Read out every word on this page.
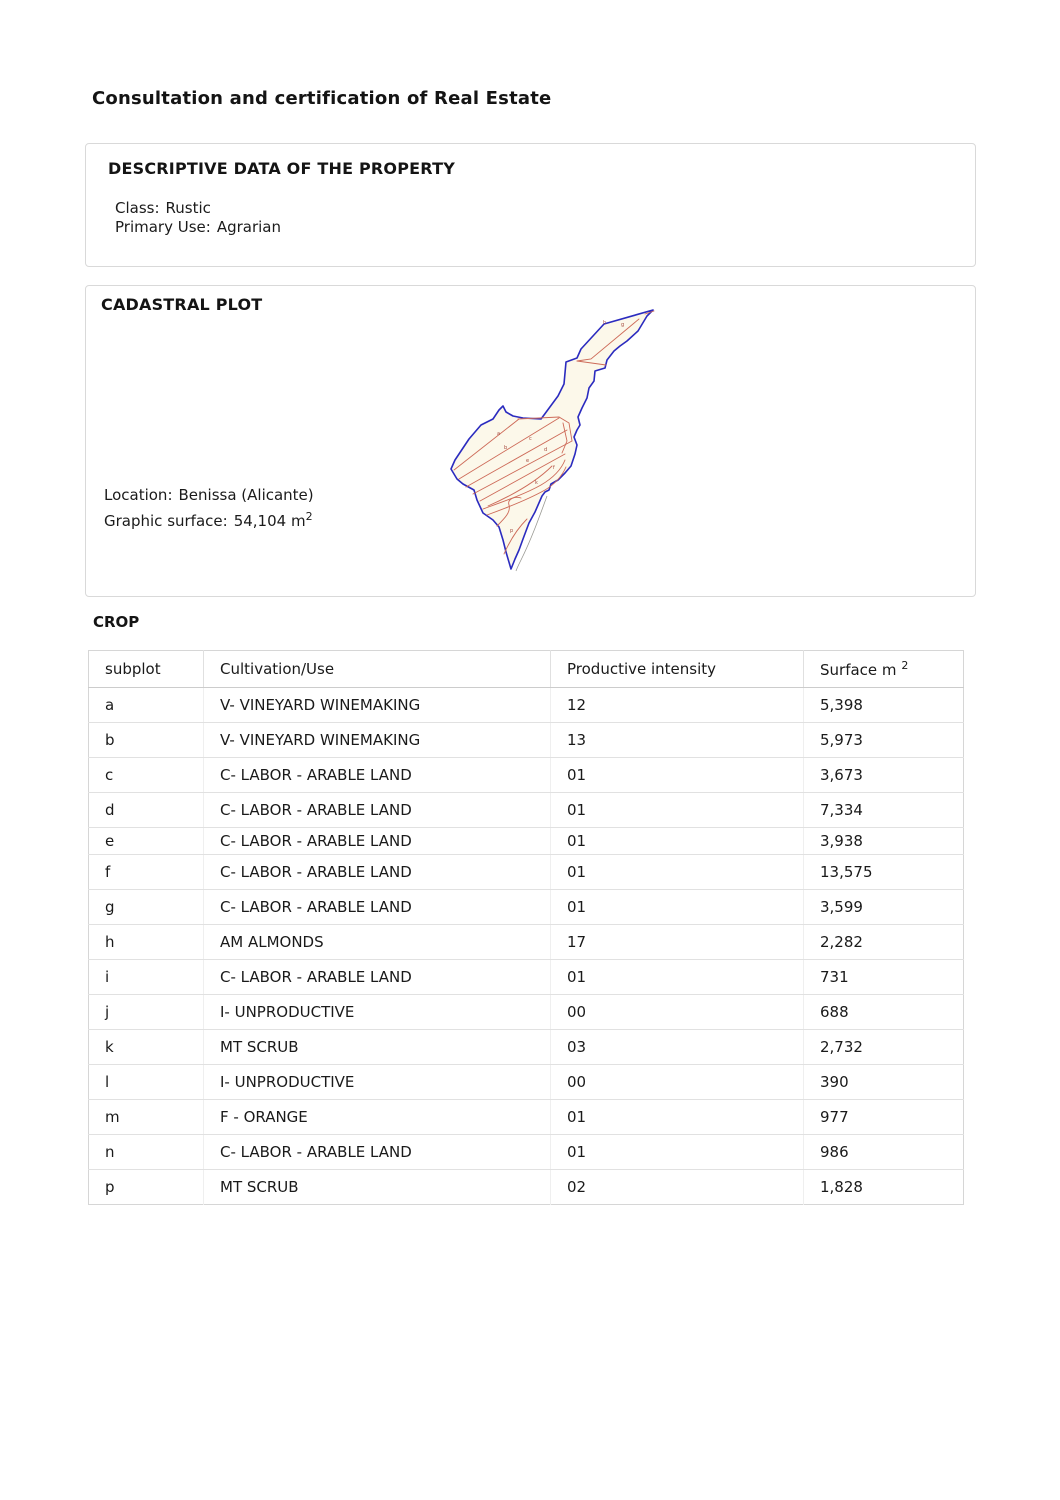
Consultation and certification of Real Estate
DESCRIPTIVE DATA OF THE PROPERTY
Class: Rustic
Primary Use: Agrarian
CADASTRAL PLOT
Location: Benissa (Alicante)
Graphic surface: 54,104 $m^2$
a
b
c
d
e
f
g
h
k
p
CROP
subplot	Cultivation/Use	Productive intensity	Surface m $^2$
a	V- VINEYARD WINEMAKING	12	5,398
b	V- VINEYARD WINEMAKING	13	5,973
c	C- LABOR - ARABLE LAND	01	3,673
d	C- LABOR - ARABLE LAND	01	7,334
e	C- LABOR - ARABLE LAND	01	3,938
f	C- LABOR - ARABLE LAND	01	13,575
g	C- LABOR - ARABLE LAND	01	3,599
h	AM ALMONDS	17	2,282
i	C- LABOR - ARABLE LAND	01	731
j	I- UNPRODUCTIVE	00	688
k	MT SCRUB	03	2,732
l	I- UNPRODUCTIVE	00	390
m	F - ORANGE	01	977
n	C- LABOR - ARABLE LAND	01	986
p	MT SCRUB	02	1,828
